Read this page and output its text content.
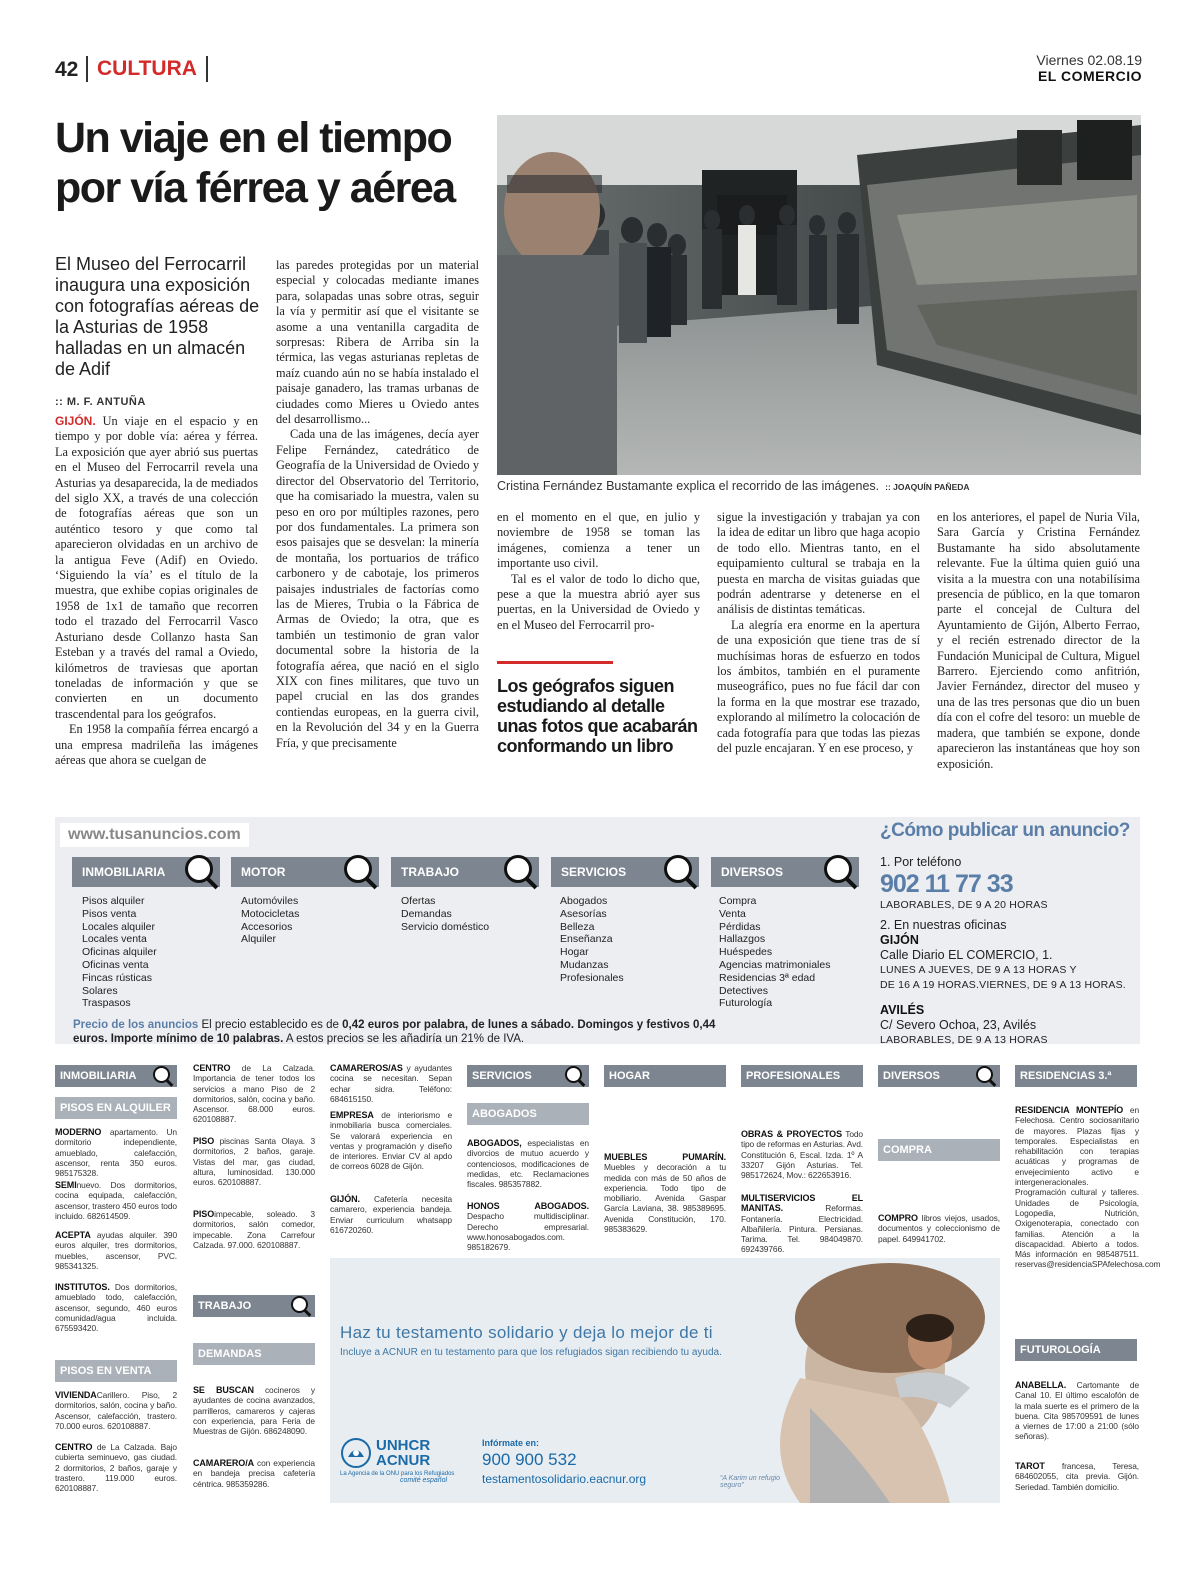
42 CULTURA	Viernes 02.08.19
EL COMERCIO
Un viaje en el tiempo por vía férrea y aérea

El Museo del Ferrocarril inaugura una exposición con fotografías aéreas de la Asturias de 1958 halladas en un almacén de Adif

:: M. F. ANTUÑA

GIJÓN. Un viaje en el espacio y en tiempo y por doble vía: aérea y férrea. La exposición que ayer abrió sus puertas en el Museo del Ferrocarril revela una Asturias ya desaparecida, la de mediados del siglo XX, a través de una colección de fotografías aéreas que son un auténtico tesoro y que como tal aparecieron olvidadas en un archivo de la antigua Feve (Adif) en Oviedo. ‘Siguiendo la vía’ es el título de la muestra, que exhibe copias originales de 1958 de 1x1 de tamaño que recorren todo el trazado del Ferrocarril Vasco Asturiano desde Collanzo hasta San Esteban y a través del ramal a Oviedo, kilómetros de traviesas que aportan toneladas de información y que se convierten en un documento trascendental para los geógrafos.

En 1958 la compañía férrea encargó a una empresa madrileña las imágenes aéreas que ahora se cuelgan de

las paredes protegidas por un material especial y colocadas mediante imanes para, solapadas unas sobre otras, seguir la vía y permitir así que el visitante se asome a una ventanilla cargadita de sorpresas: Ribera de Arriba sin la térmica, las vegas asturianas repletas de maíz cuando aún no se había instalado el paisaje ganadero, las tramas urbanas de ciudades como Mieres u Oviedo antes del desarrollismo...

Cada una de las imágenes, decía ayer Felipe Fernández, catedrático de Geografía de la Universidad de Oviedo y director del Observatorio del Territorio, que ha comisariado la muestra, valen su peso en oro por múltiples razones, pero por dos fundamentales. La primera son esos paisajes que se desvelan: la minería de montaña, los portuarios de tráfico carbonero y de cabotaje, los primeros paisajes industriales de factorías como las de Mieres, Trubia o la Fábrica de Armas de Oviedo; la otra, que es también un testimonio de gran valor documental sobre la historia de la fotografía aérea, que nació en el siglo XIX con fines militares, que tuvo un papel crucial en las dos grandes contiendas europeas, en la guerra civil, en la Revolución del 34 y en la Guerra Fría, y que precisamente

en el momento en el que, en julio y noviembre de 1958 se toman las imágenes, comienza a tener un importante uso civil.

Tal es el valor de todo lo dicho que, pese a que la muestra abrió ayer sus puertas, en la Universidad de Oviedo y en el Museo del Ferrocarril pro-

sigue la investigación y trabajan ya con la idea de editar un libro que haga acopio de todo ello. Mientras tanto, en el equipamiento cultural se trabaja en la puesta en marcha de visitas guiadas que podrán adentrarse y detenerse en el análisis de distintas temáticas.

La alegría era enorme en la apertura de una exposición que tiene tras de sí muchísimas horas de esfuerzo en todos los ámbitos, también en el puramente museográfico, pues no fue fácil dar con la forma en la que mostrar ese trazado, explorando al milímetro la colocación de cada fotografía para que todas las piezas del puzle encajaran. Y en ese proceso, y

en los anteriores, el papel de Nuria Vila, Sara García y Cristina Fernández Bustamante ha sido absolutamente relevante. Fue la última quien guió una visita a la muestra con una notabilísima presencia de público, en la que tomaron parte el concejal de Cultura del Ayuntamiento de Gijón, Alberto Ferrao, y el recién estrenado director de la Fundación Municipal de Cultura, Miguel Barrero. Ejerciendo como anfitrión, Javier Fernández, director del museo y una de las tres personas que dio un buen día con el cofre del tesoro: un mueble de madera, que también se expone, donde aparecieron las instantáneas que hoy son exposición.

Cristina Fernández Bustamante explica el recorrido de las imágenes. :: JOAQUÍN PAÑEDA

Los geógrafos siguen estudiando al detalle unas fotos que acabarán conformando un libro

www.tusanuncios.com
INMOBILIARIA	MOTOR	TRABAJO	SERVICIOS	DIVERSOS
Pisos alquiler
Pisos venta
Locales alquiler
Locales venta
Oficinas alquiler
Oficinas venta
Fincas rústicas
Solares
Traspasos
Automóviles
Motocicletas
Accesorios
Alquiler
Ofertas
Demandas
Servicio doméstico
Abogados
Asesorías
Belleza
Enseñanza
Hogar
Mudanzas
Profesionales
Compra
Venta
Pérdidas
Hallazgos
Huéspedes
Agencias matrimoniales
Residencias 3ª edad
Detectives
Futurología
Precio de los anuncios El precio establecido es de 0,42 euros por palabra, de lunes a sábado. Domingos y festivos 0,44 euros. Importe mínimo de 10 palabras. A estos precios se les añadiría un 21% de IVA.
¿Cómo publicar un anuncio?
1. Por teléfono
902 11 77 33
LABORABLES, DE 9 A 20 HORAS
2. En nuestras oficinas
GIJÓN
Calle Diario EL COMERCIO, 1.
LUNES A JUEVES, DE 9 A 13 HORAS Y
DE 16 A 19 HORAS.VIERNES, DE 9 A 13 HORAS.
AVILÉS
C/ Severo Ochoa, 23, Avilés
LABORABLES, DE 9 A 13 HORAS
INMOBILIARIA
PISOS EN ALQUILER
MODERNO apartamento. Un dormitorio independiente, amueblado, calefacción, ascensor, renta 350 euros. 985175328.
SEMInuevo. Dos dormitorios, cocina equipada, calefacción, ascensor, trastero 450 euros todo incluido. 682614509.
ACEPTA ayudas alquiler. 390 euros alquiler, tres dormitorios, muebles, ascensor, PVC. 985341325.
INSTITUTOS. Dos dormitorios, amueblado todo, calefacción, ascensor, segundo, 460 euros comunidad/agua incluida. 675593420.
PISOS EN VENTA
VIVIENDACarillero. Piso, 2 dormitorios, salón, cocina y baño. Ascensor, calefacción, trastero. 70.000 euros. 620108887.
CENTRO de La Calzada. Bajo cubierta seminuevo, gas ciudad. 2 dormitorios, 2 baños, garaje y trastero. 119.000 euros. 620108887.
CENTRO de La Calzada. Importancia de tener todos los servicios a mano Piso de 2 dormitorios, salón, cocina y baño. Ascensor. 68.000 euros. 620108887.
PISO piscinas Santa Olaya. 3 dormitorios, 2 baños, garaje. Vistas del mar, gas ciudad, altura, luminosidad. 130.000 euros. 620108887.
PISOimpecable, soleado. 3 dormitorios, salón comedor, impecable. Zona Carrefour Calzada. 97.000. 620108887.
TRABAJO
DEMANDAS
SE BUSCAN cocineros y ayudantes de cocina avanzados, parrilleros, camareros y cajeras con experiencia, para Feria de Muestras de Gijón. 686248090.
CAMARERO/A con experiencia en bandeja precisa cafetería céntrica. 985359286.
CAMAREROS/AS y ayudantes cocina se necesitan. Sepan echar sidra. Teléfono: 684615150.
EMPRESA de interiorismo e inmobiliaria busca comerciales. Se valorará experiencia en ventas y programación y diseño de interiores. Enviar CV al apdo de correos 6028 de Gijón.
GIJÓN. Cafetería necesita camarero, experiencia bandeja. Enviar curriculum whatsapp 616720260.
SERVICIOS
ABOGADOS
ABOGADOS, especialistas en divorcios de mutuo acuerdo y contenciosos, modificaciones de medidas, etc. Reclamaciones fiscales. 985357882.
HONOS ABOGADOS. Despacho multidisciplinar. Derecho empresarial. www.honosabogados.com. 985182679.
HOGAR
MUEBLES PUMARÍN. Muebles y decoración a tu medida con más de 50 años de experiencia. Todo tipo de mobiliario. Avenida Gaspar García Laviana, 38. 985389695. Avenida Constitución, 170. 985383629.
PROFESIONALES
OBRAS & PROYECTOS Todo tipo de reformas en Asturias. Avd. Constitución 6, Escal. Izda. 1º A 33207 Gijón Asturias. Tel. 985172624, Mov.: 622653916.
MULTISERVICIOS EL MANITAS.	Reformas. Fontanería. Electricidad. Albañilería. Pintura. Persianas. Tarima. Tel. 984049870. 692439766.
DIVERSOS
COMPRA
COMPRO libros viejos, usados, documentos y coleccionismo de papel. 649941702.
RESIDENCIAS 3.ª EDAD
RESIDENCIA MONTEPÍO en Felechosa. Centro sociosanitario de mayores. Plazas fijas y temporales. Especialistas en rehabilitación con terapias acuáticas y programas de envejecimiento activo e intergeneracionales. Programación cultural y talleres. Unidades de Psicología, Logopedia, Nutrición, Oxigenoterapia, conectado con familias. Atención a la discapacidad. Abierto a todos. Más información en 985487511. reservas@residenciaSPAfelechosa.com
FUTUROLOGÍA
ANABELLA. Cartomante de Canal 10. El último escalofón de la mala suerte es el primero de la buena. Cita 985709591 de lunes a viernes de 17:00 a 21:00 (sólo señoras).
TAROT francesa, Teresa, 684602055, cita previa. Gijón. Seriedad. También domicilio.
Haz tu testamento solidario y deja lo mejor de ti
Incluye a ACNUR en tu testamento para que los refugiados sigan recibiendo tu ayuda.
UNHCR
ACNUR
La Agencia de la ONU para los Refugiados
comité español
Infórmate en:
900 900 532
testamentosolidario.eacnur.org	“A Karim un refugio seguro”
